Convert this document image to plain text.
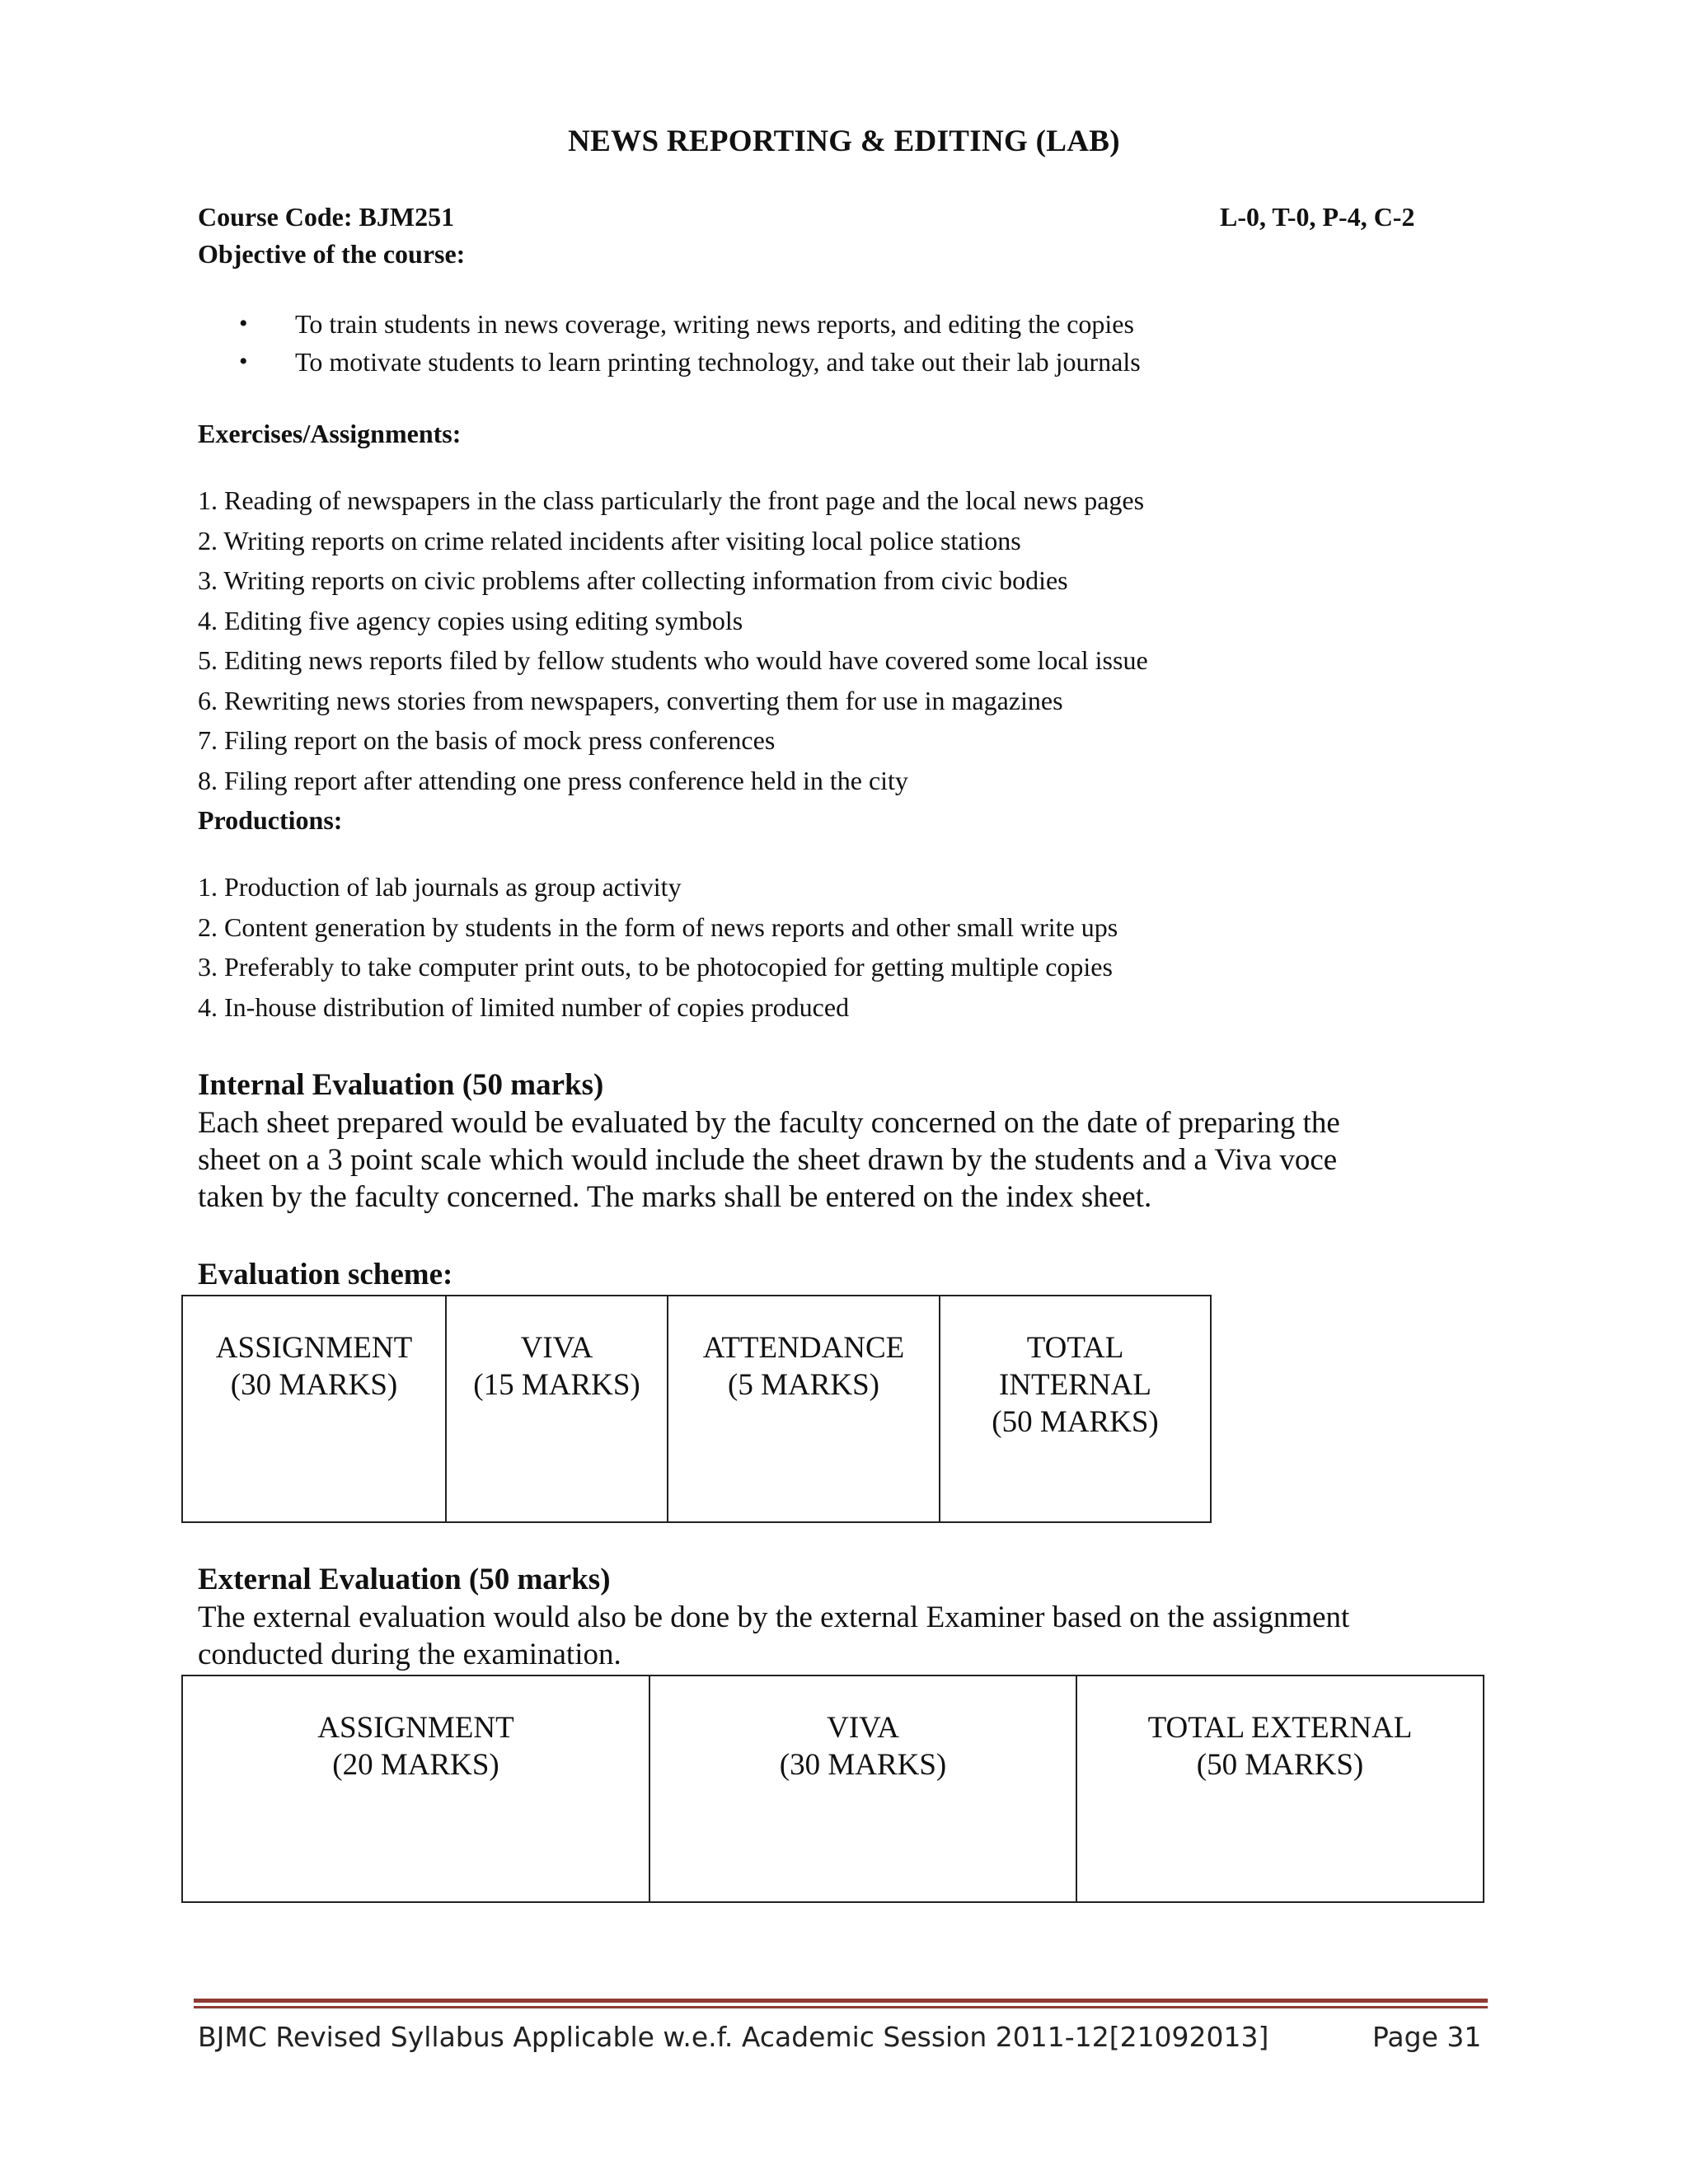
NEWS REPORTING & EDITING (LAB)
Course Code: BJM251	L-0, T-0, P-4, C-2
Objective of the course:
• To train students in news coverage, writing news reports, and editing the copies
• To motivate students to learn printing technology, and take out their lab journals
Exercises/Assignments:
1. Reading of newspapers in the class particularly the front page and the local news pages
2. Writing reports on crime related incidents after visiting local police stations
3. Writing reports on civic problems after collecting information from civic bodies
4. Editing five agency copies using editing symbols
5. Editing news reports filed by fellow students who would have covered some local issue
6. Rewriting news stories from newspapers, converting them for use in magazines
7. Filing report on the basis of mock press conferences
8. Filing report after attending one press conference held in the city
Productions:
1. Production of lab journals as group activity
2. Content generation by students in the form of news reports and other small write ups
3. Preferably to take computer print outs, to be photocopied for getting multiple copies
4. In-house distribution of limited number of copies produced
Internal Evaluation (50 marks)
Each sheet prepared would be evaluated by the faculty concerned on the date of preparing the
sheet on a 3 point scale which would include the sheet drawn by the students and a Viva voce
taken by the faculty concerned. The marks shall be entered on the index sheet.
Evaluation scheme:
ASSIGNMENT
(30 MARKS)

VIVA
(15 MARKS)

ATTENDANCE
(5 MARKS)

TOTAL
INTERNAL
(50 MARKS)
External Evaluation (50 marks)
The external evaluation would also be done by the external Examiner based on the assignment
conducted during the examination.
ASSIGNMENT
(20 MARKS)

VIVA
(30 MARKS)

TOTAL EXTERNAL
(50 MARKS)
BJMC Revised Syllabus Applicable w.e.f. Academic Session 2011-12[21092013]	Page 31
